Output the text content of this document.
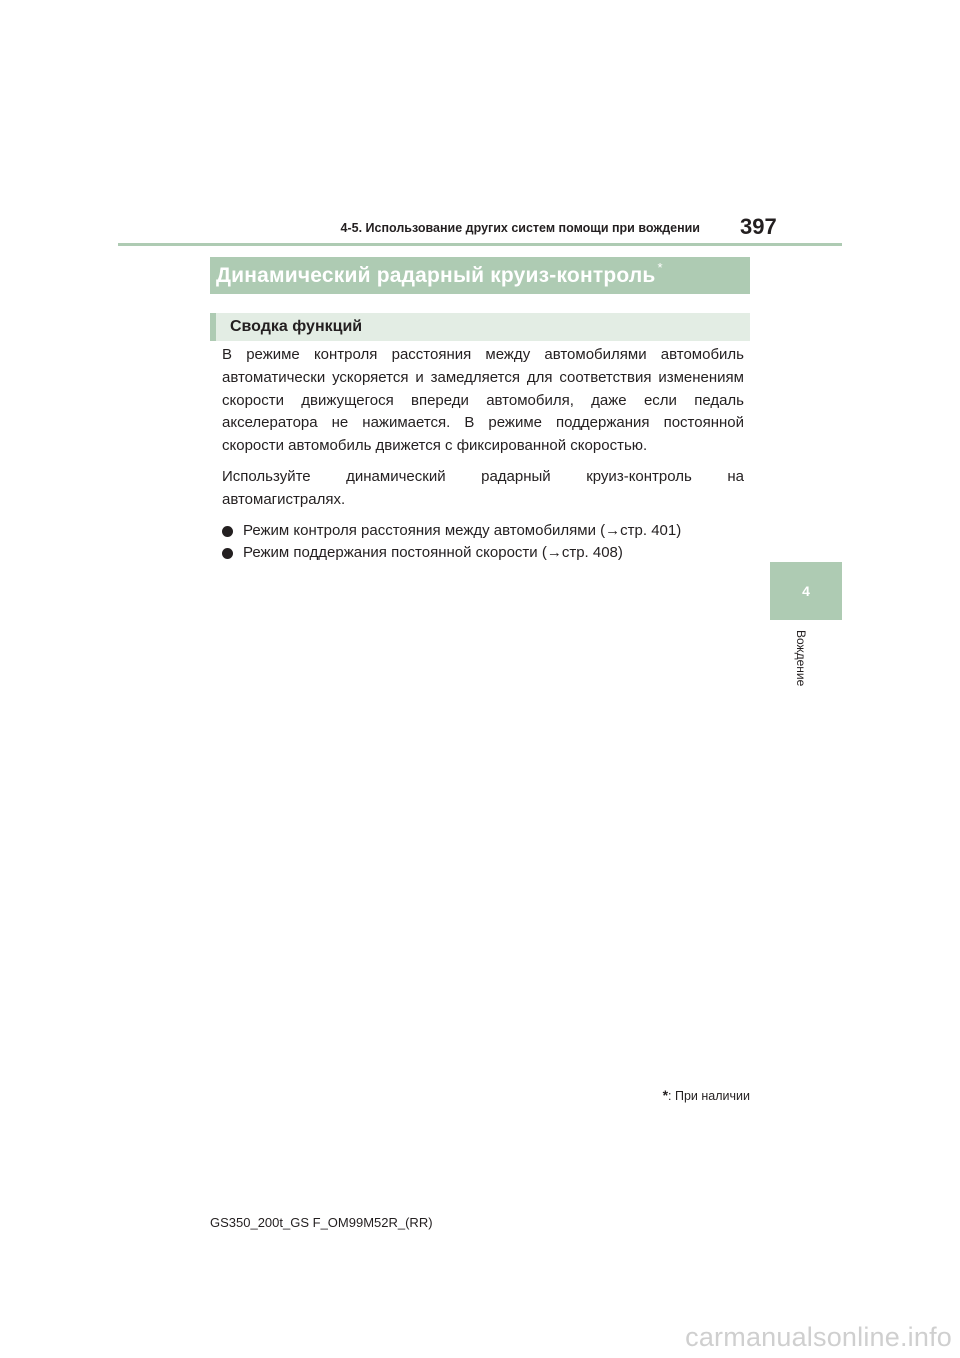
4-5. Использование других систем помощи при вождении 397
4
Вождение
Динамический радарный круиз-контроль *
Сводка функций

В режиме контроля расстояния между автомобилями автомобиль автоматически ускоряется и замедляется для соответствия изменениям скорости движущегося впереди автомобиля, даже если педаль акселератора не нажимается. В режиме поддержания постоянной скорости автомобиль движется с фиксированной скоростью.

Используйте динамический радарный круиз-контроль на автомагистралях.

Режим контроля расстояния между автомобилями (→стр. 401)
Режим поддержания постоянной скорости (→стр. 408)
*: При наличии
GS350_200t_GS F_OM99M52R_(RR)
carmanualsonline.info
